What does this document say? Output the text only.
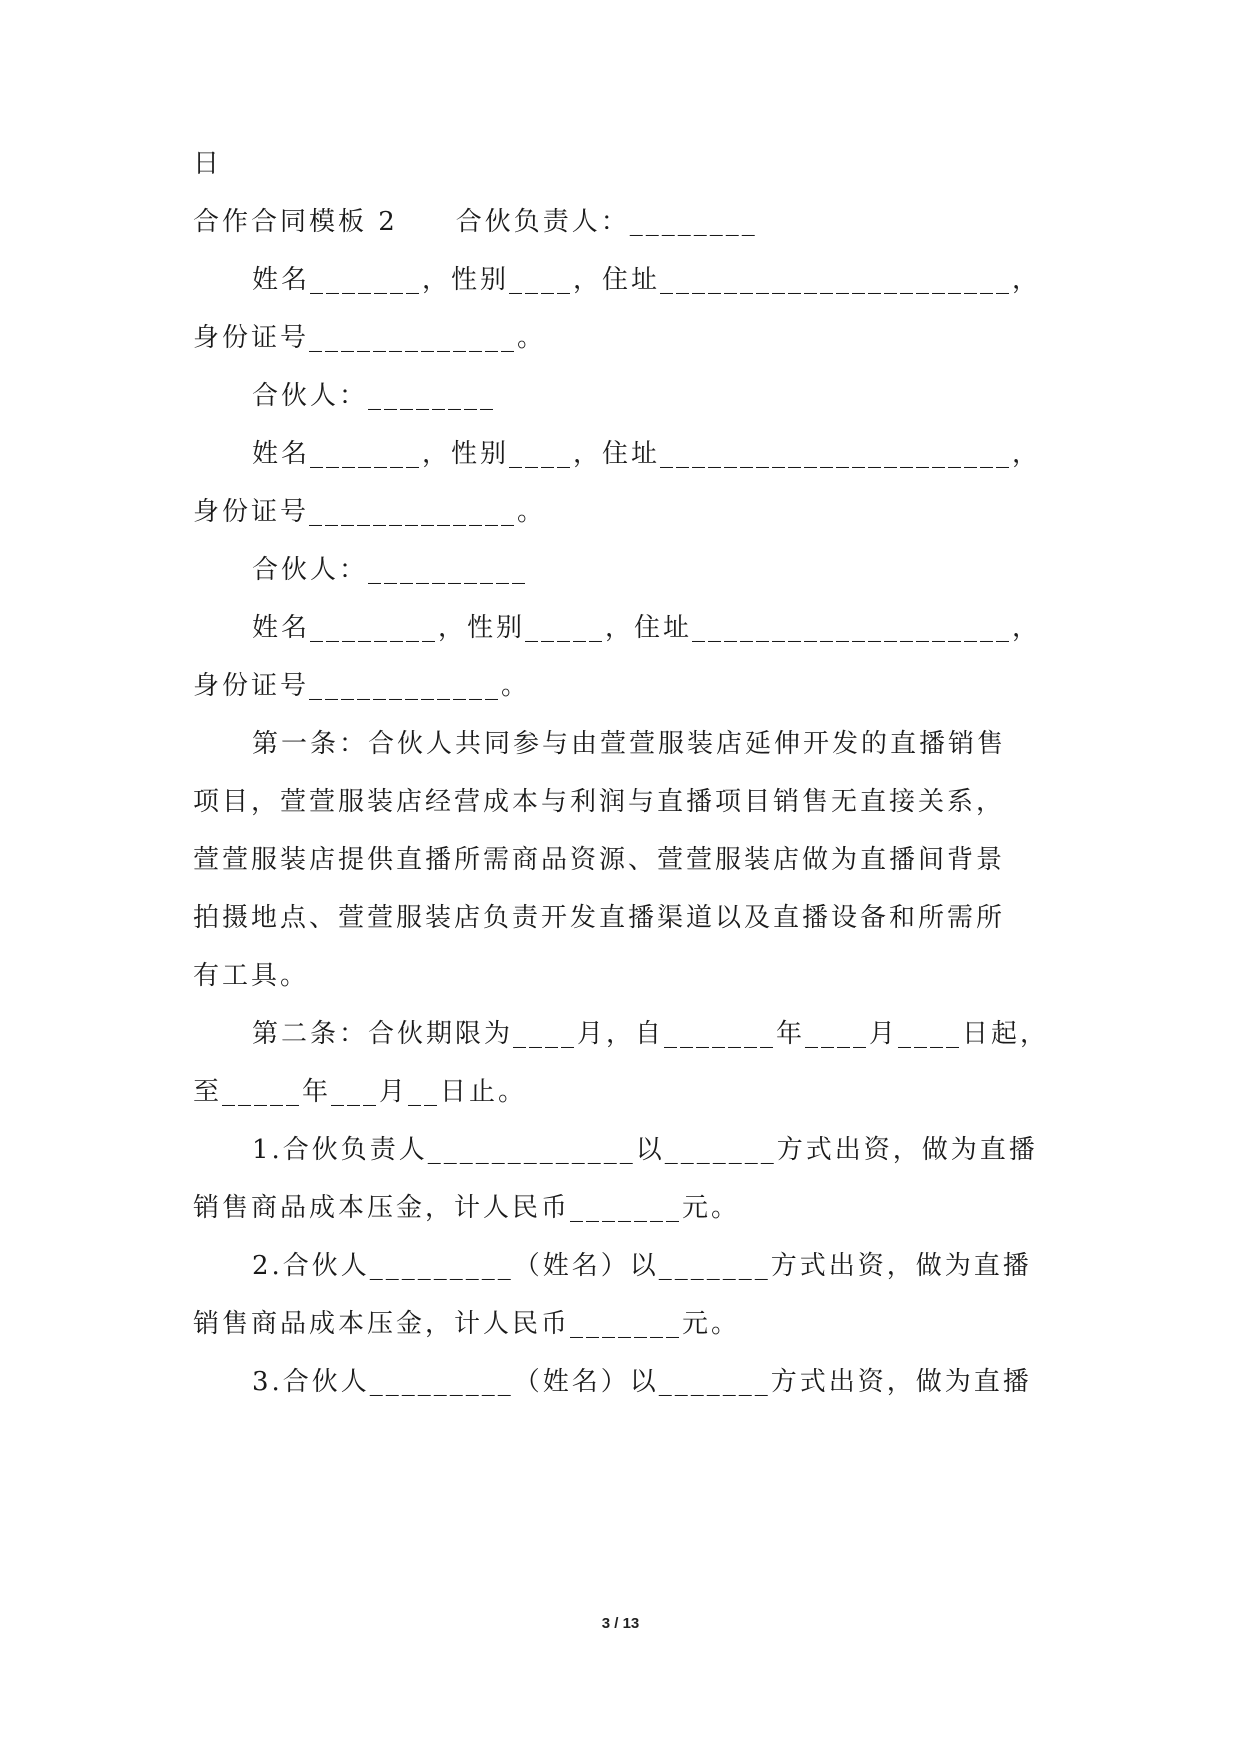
日
合作合同模板 2　　合伙负责人：________
姓名_______，性别____，住址______________________，
身份证号_____________。
合伙人：________
姓名_______，性别____，住址______________________，
身份证号_____________。
合伙人：__________
姓名________，性别_____，住址____________________，
身份证号____________。
第一条：合伙人共同参与由萱萱服装店延伸开发的直播销售
项目，萱萱服装店经营成本与利润与直播项目销售无直接关系，
萱萱服装店提供直播所需商品资源、萱萱服装店做为直播间背景
拍摄地点、萱萱服装店负责开发直播渠道以及直播设备和所需所
有工具。
第二条：合伙期限为____月，自_______年____月____日起，
至_____年___月__日止。
1.合伙负责人_____________以_______方式出资，做为直播
销售商品成本压金，计人民币_______元。
2.合伙人_________（姓名）以_______方式出资，做为直播
销售商品成本压金，计人民币_______元。
3.合伙人_________（姓名）以_______方式出资，做为直播
3 / 13
